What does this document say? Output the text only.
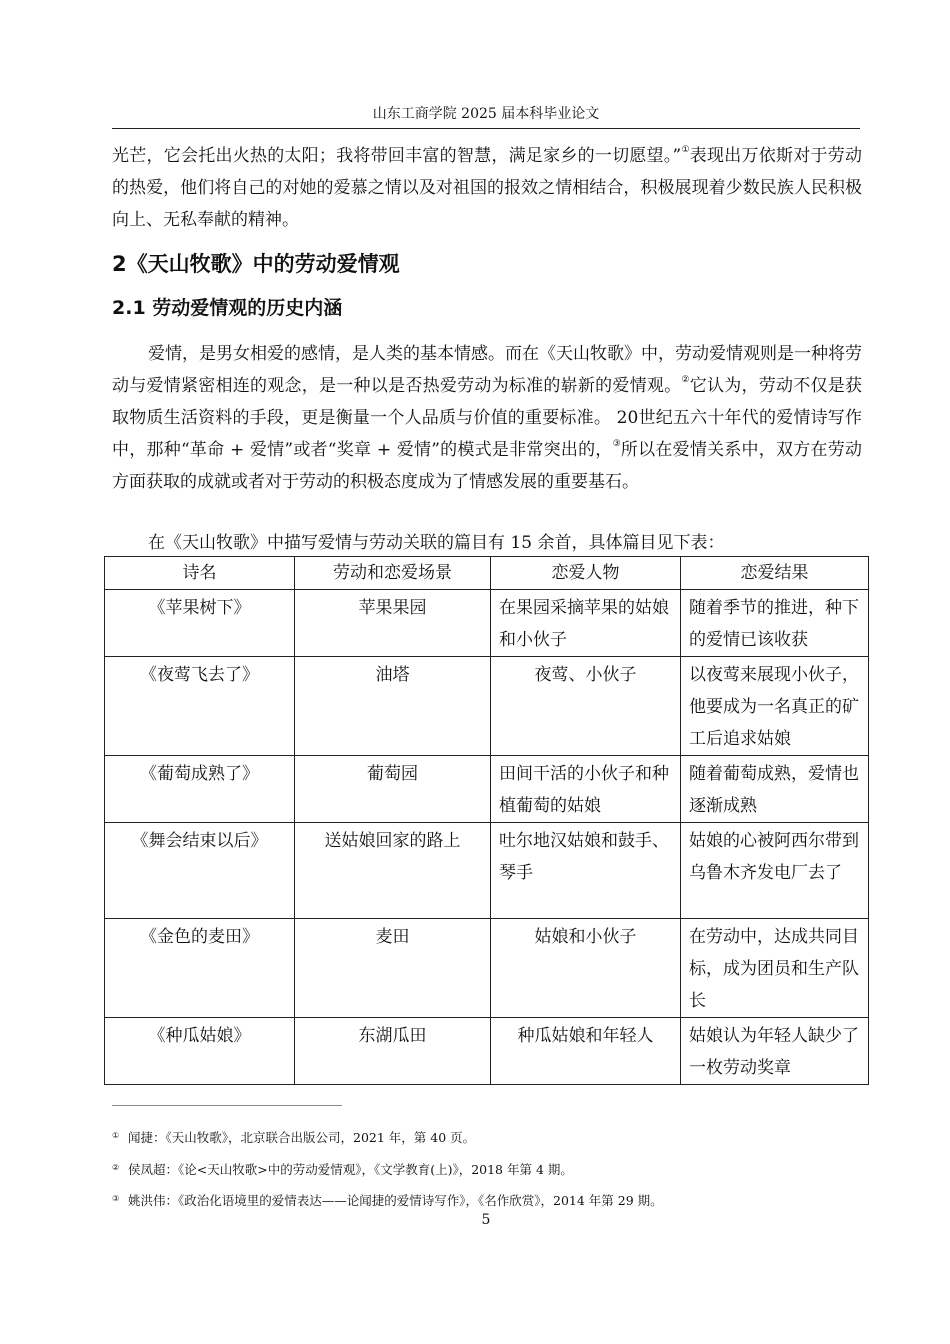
山东工商学院 2025 届本科毕业论文

光芒，它会托出火热的太阳；我将带回丰富的智慧，满足家乡的一切愿望。”①表现出万依斯对于劳动的热爱，他们将自己的对她的爱慕之情以及对祖国的报效之情相结合，积极展现着少数民族人民积极向上、无私奉献的精神。

2《天山牧歌》中的劳动爱情观
2.1 劳动爱情观的历史内涵

爱情，是男女相爱的感情，是人类的基本情感。而在《天山牧歌》中，劳动爱情观则是一种将劳动与爱情紧密相连的观念，是一种以是否热爱劳动为标准的崭新的爱情观。②它认为，劳动不仅是获取物质生活资料的手段，更是衡量一个人品质与价值的重要标准。 20世纪五六十年代的爱情诗写作中，那种“革命 + 爱情”或者“奖章 + 爱情”的模式是非常突出的，③所以在爱情关系中，双方在劳动方面获取的成就或者对于劳动的积极态度成为了情感发展的重要基石。

在《天山牧歌》中描写爱情与劳动关联的篇目有 15 余首，具体篇目见下表：

诗名	劳动和恋爱场景	恋爱人物	恋爱结果
《苹果树下》	苹果果园	在果园采摘苹果的姑娘和小伙子	随着季节的推进，种下的爱情已该收获
《夜莺飞去了》	油塔	夜莺、小伙子	以夜莺来展现小伙子，他要成为一名真正的矿工后追求姑娘
《葡萄成熟了》	葡萄园	田间干活的小伙子和种植葡萄的姑娘	随着葡萄成熟，爱情也逐渐成熟
《舞会结束以后》	送姑娘回家的路上	吐尔地汉姑娘和鼓手、琴手	姑娘的心被阿西尔带到乌鲁木齐发电厂去了
《金色的麦田》	麦田	姑娘和小伙子	在劳动中，达成共同目标，成为团员和生产队长
《种瓜姑娘》	东湖瓜田	种瓜姑娘和年轻人	姑娘认为年轻人缺少了一枚劳动奖章

① 闻捷：《天山牧歌》，北京联合出版公司，2021 年，第 40 页。

② 侯凤超：《论<天山牧歌>中的劳动爱情观》，《文学教育(上)》，2018 年第 4 期。

③ 姚洪伟：《政治化语境里的爱情表达——论闻捷的爱情诗写作》，《名作欣赏》，2014 年第 29 期。

5
